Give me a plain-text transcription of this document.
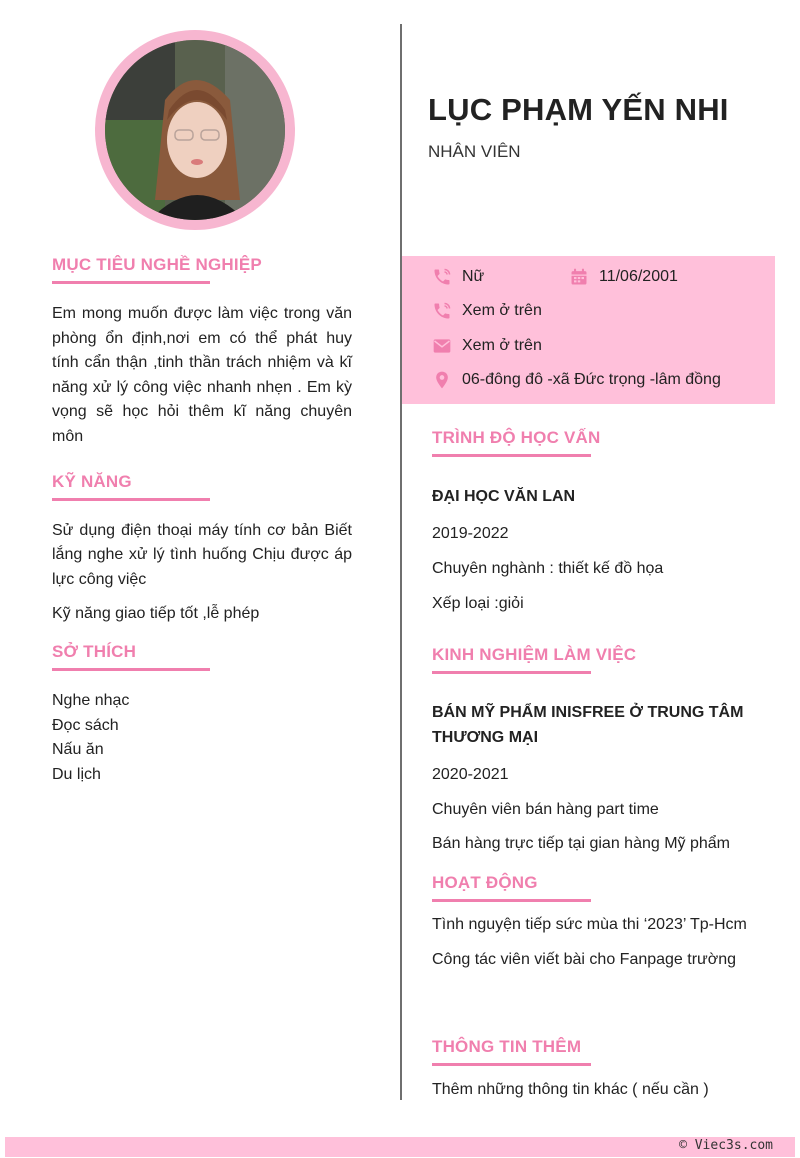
MỤC TIÊU NGHỀ NGHIỆP

Em mong muốn được làm việc trong văn phòng ổn định,nơi em có thể phát huy tính cẩn thận ,tinh thần trách nhiệm và kĩ năng xử lý công việc nhanh nhẹn . Em kỳ vọng sẽ học hỏi thêm kĩ năng chuyên môn

KỸ NĂNG

Sử dụng điện thoại máy tính cơ bản Biết lắng nghe xử lý tình huống Chịu được áp lực công việc

Kỹ năng giao tiếp tốt ,lễ phép
SỞ THÍCH
Nghe nhạc
Đọc sách
Nấu ăn
Du lịch
LỤC PHẠM YẾN NHI
NHÂN VIÊN
Nữ	11/06/2001
Xem ở trên
Xem ở trên
06-đông đô -xã Đức trọng -lâm đồng
TRÌNH ĐỘ HỌC VẤN
ĐẠI HỌC VĂN LAN
2019-2022
Chuyên nghành : thiết kế đồ họa
Xếp loại :giỏi
KINH NGHIỆM LÀM VIỆC
BÁN MỸ PHẨM INISFREE Ở TRUNG TÂM THƯƠNG MẠI
2020-2021
Chuyên viên bán hàng part time
Bán hàng trực tiếp tại gian hàng Mỹ phẩm
HOẠT ĐỘNG
Tình nguyện tiếp sức mùa thi ‘2023’ Tp-Hcm
Công tác viên viết bài cho Fanpage trường
THÔNG TIN THÊM
Thêm những thông tin khác ( nếu cần )
© Viec3s.com
